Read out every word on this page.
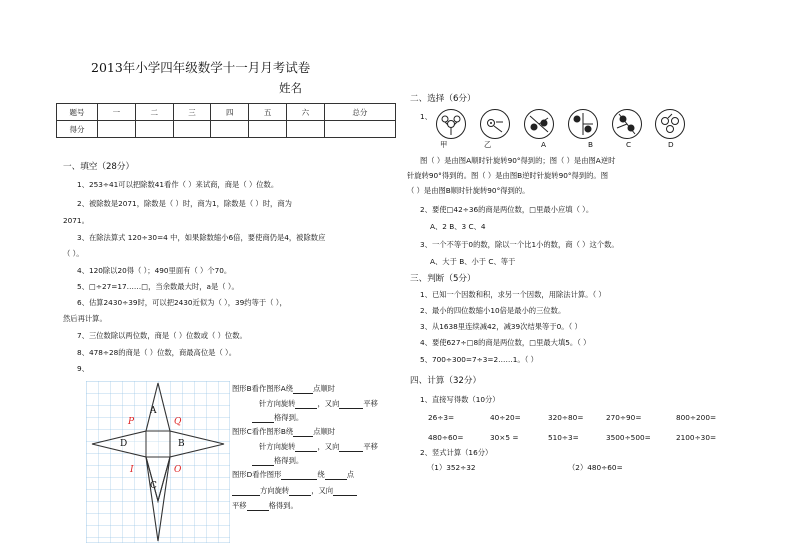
2013年小学四年级数学十一月月考试卷
姓名
题号	一	二	三	四	五	六	总分
得分							
一、填空（28分）
1、253÷41可以把除数41看作（ ）来试商，商是（ ）位数。
2、被除数是2071，除数是（ ）时，商为1，除数是（ ）时，商为
2071。
3、在除法算式 120÷30=4 中，如果除数缩小6倍，要使商仍是4，被除数应
（ ）。
4、120除以20得（ ）；490里面有（ ）个70。
5、□÷27=17……□，当余数最大时，a是（ ）。
6、估算2430÷39时，可以把2430近似为（ ），39约等于（ ），
然后再计算。
7、三位数除以两位数，商是（ ）位数或（ ）位数。
8、478÷28的商是（ ）位数，商最高位是（ ）。
9、
P	Q
A
D	B
I	O
C
图形B看作图形A绕	点顺时
针方向旋转	，又向	平移
格得到。
图形C看作图形B绕	点顺时
针方向旋转	，又向	平移
格得到。
图形D看作图形	绕	点
方向旋转	，又向
平移	格得到。
二、选择（6分）
1、
甲	乙	A	B	C	D
图（ ）是由图A顺时针旋转90°得到的；图（ ）是由图A逆时
针旋转90°得到的。图（ ）是由图B逆时针旋转90°得到的。图
（ ）是由图B顺时针旋转90°得到的。
2、要使□42÷36的商是两位数，□里最小应填（ ）。
A、2 B、3 C、4
3、一个不等于0的数，除以一个比1小的数，商（ ）这个数。
A、大于 B、小于 C、等于
三、判断（5分）
1、已知一个因数和积，求另一个因数，用除法计算。（ ）
2、最小的四位数缩小10倍是最小的三位数。
3、从1638里连续减42，减39次结果等于0。（ ）
4、要使627÷□8的商是两位数，□里最大填5。（ ）
5、700÷300=7÷3=2……1。（ ）
四、计算（32分）
1、直接写得数（10分）
26÷3=	40÷20=	320÷80=	270÷90=	800÷200=
480÷60=	30×5 =	510÷3=	3500÷500=	2100÷30=
2、竖式计算（16分）
（1）352÷32	（2）480÷60=
